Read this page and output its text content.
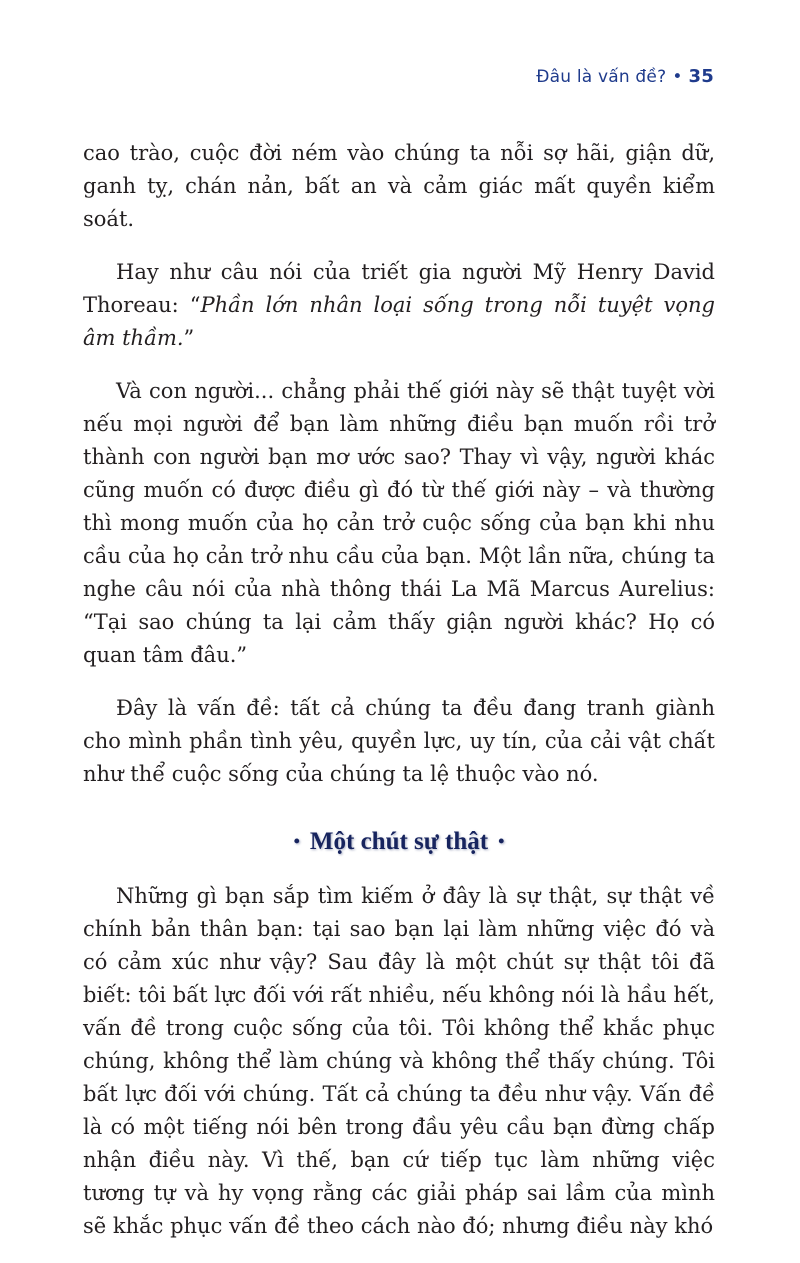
Đâu là vấn đề? • 35

cao trào, cuộc đời ném vào chúng ta nỗi sợ hãi, giận dữ, ganh tỵ, chán nản, bất an và cảm giác mất quyền kiểm soát.

Hay như câu nói của triết gia người Mỹ Henry David Thoreau: “Phần lớn nhân loại sống trong nỗi tuyệt vọng âm thầm.”

Và con người... chẳng phải thế giới này sẽ thật tuyệt vời nếu mọi người để bạn làm những điều bạn muốn rồi trở thành con người bạn mơ ước sao? Thay vì vậy, người khác cũng muốn có được điều gì đó từ thế giới này – và thường thì mong muốn của họ cản trở cuộc sống của bạn khi nhu cầu của họ cản trở nhu cầu của bạn. Một lần nữa, chúng ta nghe câu nói của nhà thông thái La Mã Marcus Aurelius: “Tại sao chúng ta lại cảm thấy giận người khác? Họ có quan tâm đâu.”

Đây là vấn đề: tất cả chúng ta đều đang tranh giành cho mình phần tình yêu, quyền lực, uy tín, của cải vật chất như thể cuộc sống của chúng ta lệ thuộc vào nó.

• Một chút sự thật •

Những gì bạn sắp tìm kiếm ở đây là sự thật, sự thật về chính bản thân bạn: tại sao bạn lại làm những việc đó và có cảm xúc như vậy? Sau đây là một chút sự thật tôi đã biết: tôi bất lực đối với rất nhiều, nếu không nói là hầu hết, vấn đề trong cuộc sống của tôi. Tôi không thể khắc phục chúng, không thể làm chúng và không thể thấy chúng. Tôi bất lực đối với chúng. Tất cả chúng ta đều như vậy. Vấn đề là có một tiếng nói bên trong đầu yêu cầu bạn đừng chấp nhận điều này. Vì thế, bạn cứ tiếp tục làm những việc tương tự và hy vọng rằng các giải pháp sai lầm của mình sẽ khắc phục vấn đề theo cách nào đó; nhưng điều này khó
